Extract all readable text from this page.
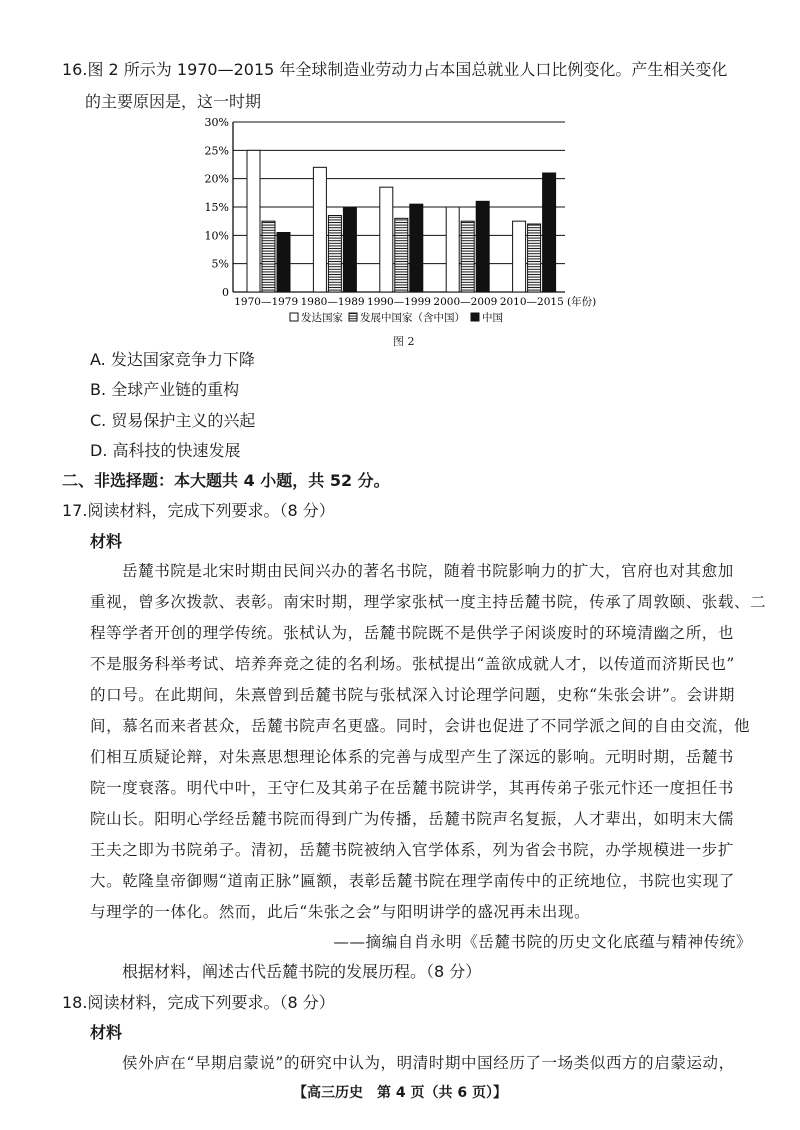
16.图 2 所示为 1970—2015 年全球制造业劳动力占本国总就业人口比例变化。产生相关变化
的主要原因是，这一时期
0
5%
10%
15%
20%
25%
30%
1970—1979 1980—1989 1990—1999 2000—2009 2010—2015 (年份)
发达国家 发展中国家（含中国） 中国
图 2
A. 发达国家竞争力下降
B. 全球产业链的重构
C. 贸易保护主义的兴起
D. 高科技的快速发展
二、非选择题：本大题共 4 小题，共 52 分。
17.阅读材料，完成下列要求。（8 分）
材料
岳麓书院是北宋时期由民间兴办的著名书院，随着书院影响力的扩大，官府也对其愈加
重视，曾多次拨款、表彰。南宋时期，理学家张栻一度主持岳麓书院，传承了周敦颐、张载、二
程等学者开创的理学传统。张栻认为，岳麓书院既不是供学子闲谈废时的环境清幽之所，也
不是服务科举考试、培养奔竞之徒的名利场。张栻提出“盖欲成就人才，以传道而济斯民也”
的口号。在此期间，朱熹曾到岳麓书院与张栻深入讨论理学问题，史称“朱张会讲”。会讲期
间，慕名而来者甚众，岳麓书院声名更盛。同时，会讲也促进了不同学派之间的自由交流，他
们相互质疑论辩，对朱熹思想理论体系的完善与成型产生了深远的影响。元明时期，岳麓书
院一度衰落。明代中叶，王守仁及其弟子在岳麓书院讲学，其再传弟子张元忭还一度担任书
院山长。阳明心学经岳麓书院而得到广为传播，岳麓书院声名复振，人才辈出，如明末大儒
王夫之即为书院弟子。清初，岳麓书院被纳入官学体系，列为省会书院，办学规模进一步扩
大。乾隆皇帝御赐“道南正脉”匾额，表彰岳麓书院在理学南传中的正统地位，书院也实现了
与理学的一体化。然而，此后“朱张之会”与阳明讲学的盛况再未出现。
——摘编自肖永明《岳麓书院的历史文化底蕴与精神传统》
根据材料，阐述古代岳麓书院的发展历程。（8 分）
18.阅读材料，完成下列要求。（8 分）
材料
侯外庐在“早期启蒙说”的研究中认为，明清时期中国经历了一场类似西方的启蒙运动，
【高三历史　第 4 页（共 6 页）】
